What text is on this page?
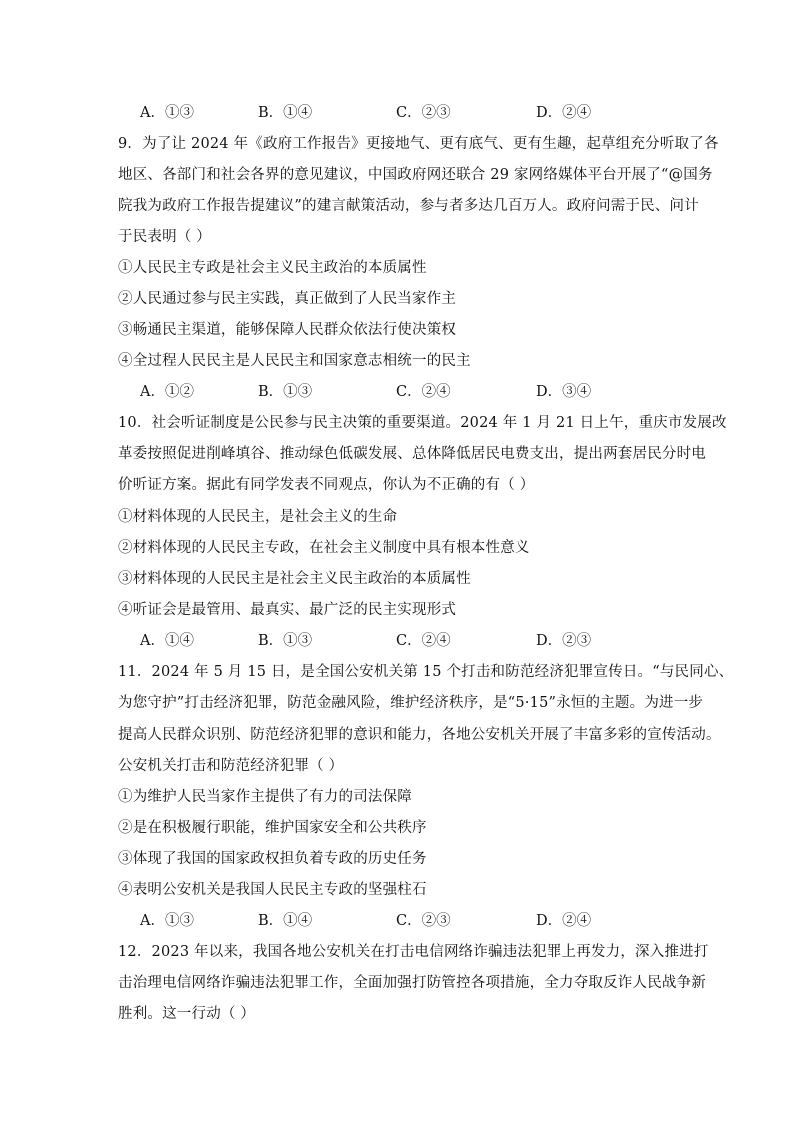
A．①③	B．①④	C．②③	D．②④
9．为了让 2024 年《政府工作报告》更接地气、更有底气、更有生趣，起草组充分听取了各
地区、各部门和社会各界的意见建议，中国政府网还联合 29 家网络媒体平台开展了“@国务
院我为政府工作报告提建议”的建言献策活动，参与者多达几百万人。政府问需于民、问计
于民表明（ ）
①人民民主专政是社会主义民主政治的本质属性
②人民通过参与民主实践，真正做到了人民当家作主
③畅通民主渠道，能够保障人民群众依法行使决策权
④全过程人民民主是人民民主和国家意志相统一的民主
A．①②	B．①③	C．②④	D．③④
10．社会听证制度是公民参与民主决策的重要渠道。2024 年 1 月 21 日上午，重庆市发展改
革委按照促进削峰填谷、推动绿色低碳发展、总体降低居民电费支出，提出两套居民分时电
价听证方案。据此有同学发表不同观点，你认为不正确的有（ ）
①材料体现的人民民主，是社会主义的生命
②材料体现的人民民主专政，在社会主义制度中具有根本性意义
③材料体现的人民民主是社会主义民主政治的本质属性
④听证会是最管用、最真实、最广泛的民主实现形式
A．①④	B．①③	C．②④	D．②③
11．2024 年 5 月 15 日，是全国公安机关第 15 个打击和防范经济犯罪宣传日。“与民同心、
为您守护”打击经济犯罪，防范金融风险，维护经济秩序，是“5·15”永恒的主题。为进一步
提高人民群众识别、防范经济犯罪的意识和能力，各地公安机关开展了丰富多彩的宣传活动。
公安机关打击和防范经济犯罪（ ）
①为维护人民当家作主提供了有力的司法保障
②是在积极履行职能，维护国家安全和公共秩序
③体现了我国的国家政权担负着专政的历史任务
④表明公安机关是我国人民民主专政的坚强柱石
A．①③	B．①④	C．②③	D．②④
12．2023 年以来，我国各地公安机关在打击电信网络诈骗违法犯罪上再发力，深入推进打
击治理电信网络诈骗违法犯罪工作，全面加强打防管控各项措施，全力夺取反诈人民战争新
胜利。这一行动（ ）
